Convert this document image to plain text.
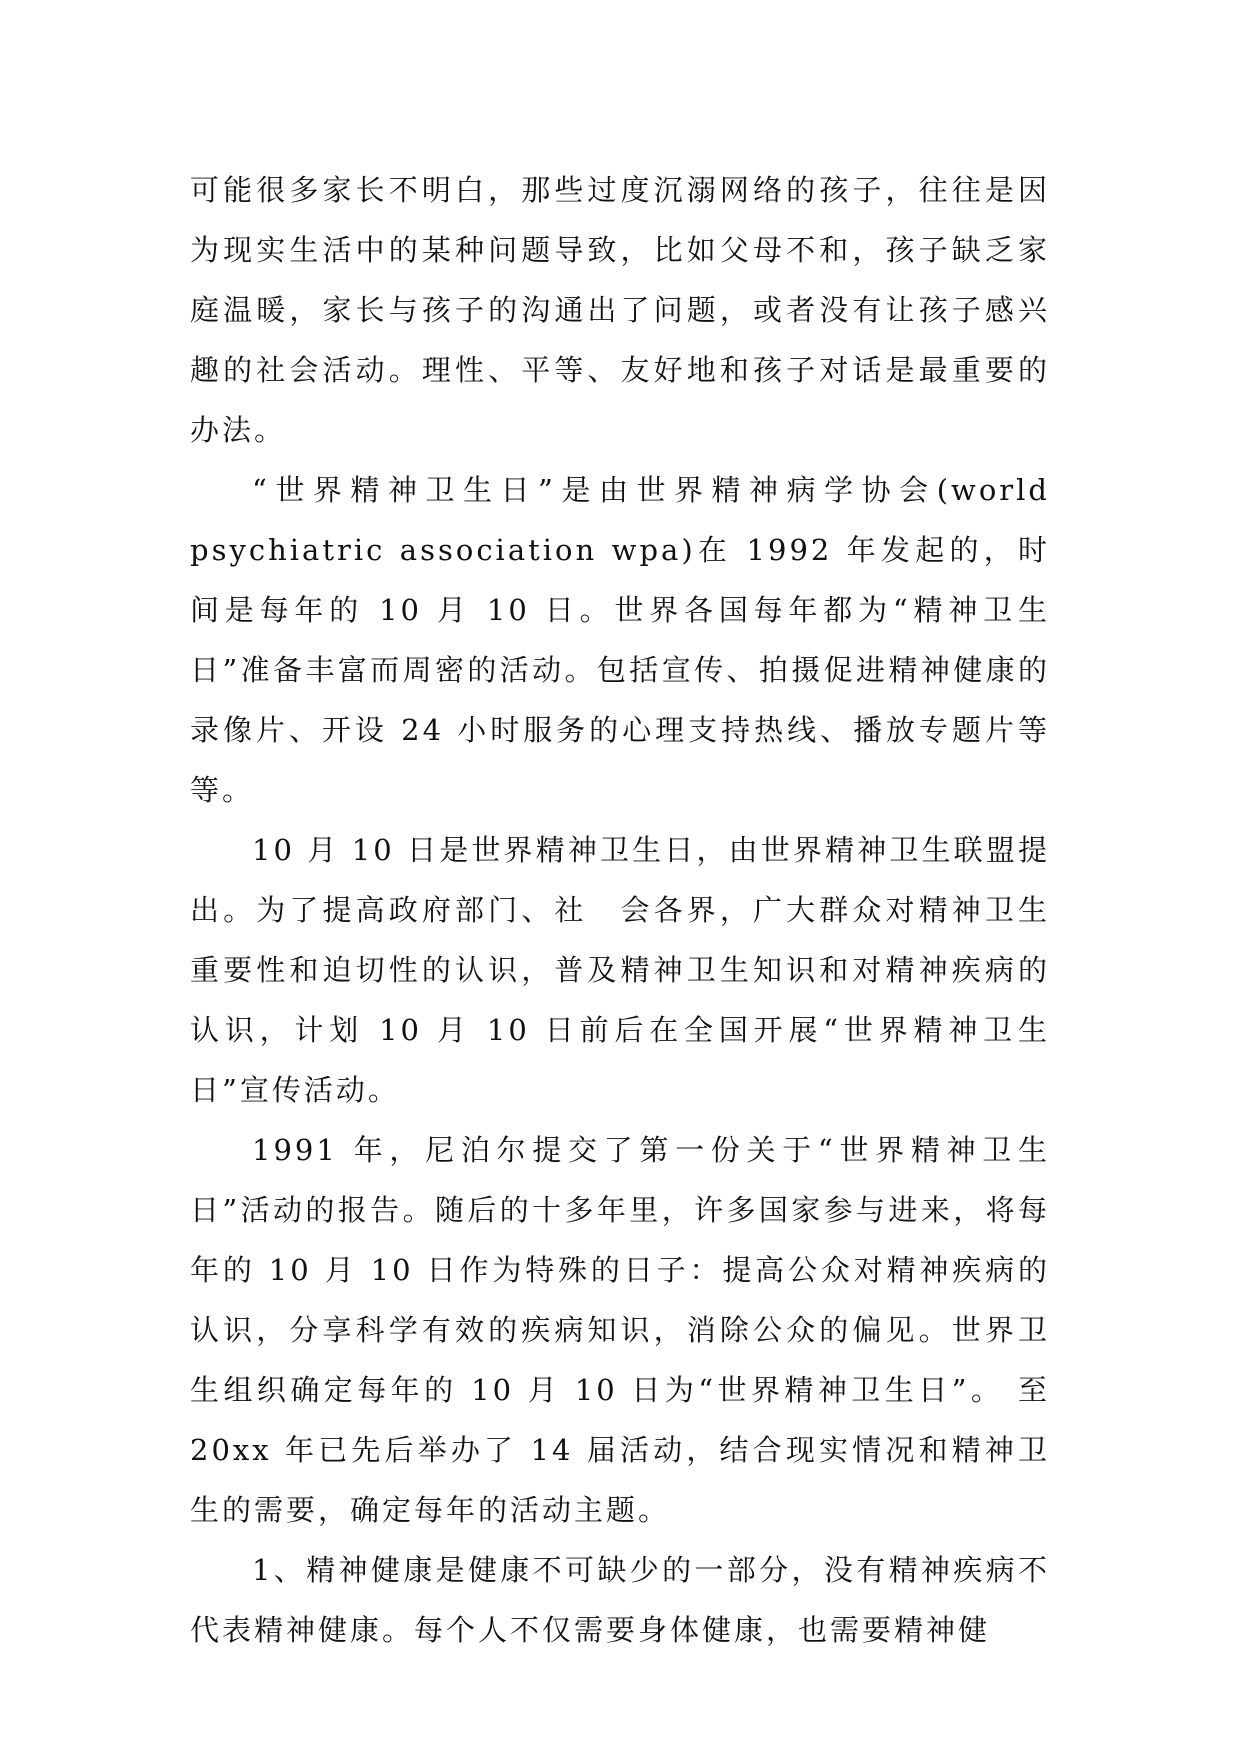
可能很多家长不明白，那些过度沉溺网络的孩子，往往是因为现实生活中的某种问题导致，比如父母不和，孩子缺乏家庭温暖，家长与孩子的沟通出了问题，或者没有让孩子感兴趣的社会活动。理性、平等、友好地和孩子对话是最重要的办法。

“世界精神卫生日”是由世界精神病学协会(world psychiatric association wpa)在 1992 年发起的，时间是每年的 10 月 10 日。世界各国每年都为“精神卫生日”准备丰富而周密的活动。包括宣传、拍摄促进精神健康的录像片、开设 24 小时服务的心理支持热线、播放专题片等等。

10 月 10 日是世界精神卫生日，由世界精神卫生联盟提出。为了提高政府部门、社　会各界，广大群众对精神卫生重要性和迫切性的认识，普及精神卫生知识和对精神疾病的认识，计划 10 月 10 日前后在全国开展“世界精神卫生日”宣传活动。

1991 年，尼泊尔提交了第一份关于“世界精神卫生日”活动的报告。随后的十多年里，许多国家参与进来，将每年的 10 月 10 日作为特殊的日子：提高公众对精神疾病的认识，分享科学有效的疾病知识，消除公众的偏见。世界卫生组织确定每年的 10 月 10 日为“世界精神卫生日”。 至 20xx 年已先后举办了 14 届活动，结合现实情况和精神卫生的需要，确定每年的活动主题。

1、精神健康是健康不可缺少的一部分，没有精神疾病不代表精神健康。每个人不仅需要身体健康，也需要精神健
